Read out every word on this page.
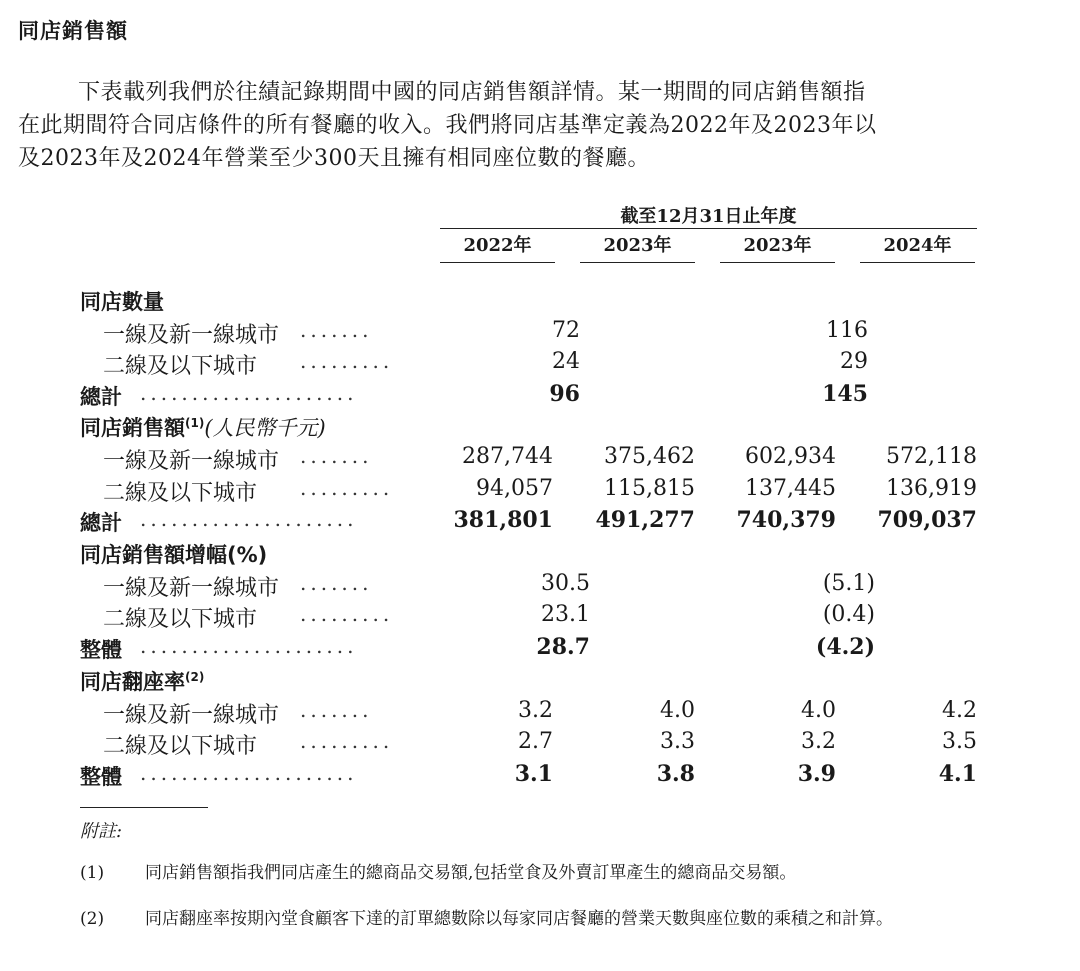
同店銷售額
下表載列我們於往績記錄期間中國的同店銷售額詳情。某一期間的同店銷售額指
在此期間符合同店條件的所有餐廳的收入。我們將同店基準定義為2022年及2023年以
及2023年及2024年營業至少300天且擁有相同座位數的餐廳。
截至12月31日止年度
2022年	2023年	2023年	2024年
同店數量
一線及新一線城市 .......	72	116
二線及以下城市 .........	24	29
總計 .....................	96	145
同店銷售額$^{(1)}$(人民幣千元)
一線及新一線城市 .......	287,744	375,462	602,934	572,118
二線及以下城市 .........	94,057	115,815	137,445	136,919
總計 .....................	381,801	491,277	740,379	709,037
同店銷售額增幅(%)
一線及新一線城市 .......	30.5	(5.1)
二線及以下城市 .........	23.1	(0.4)
整體 .....................	28.7	(4.2)
同店翻座率$^{(2)}$
一線及新一線城市 .......	3.2	4.0	4.0	4.2
二線及以下城市 .........	2.7	3.3	3.2	3.5
整體 .....................	3.1	3.8	3.9	4.1
附註:
(1) 同店銷售額指我們同店產生的總商品交易額,包括堂食及外賣訂單產生的總商品交易額。
(2) 同店翻座率按期內堂食顧客下達的訂單總數除以每家同店餐廳的營業天數與座位數的乘積之和計算。
